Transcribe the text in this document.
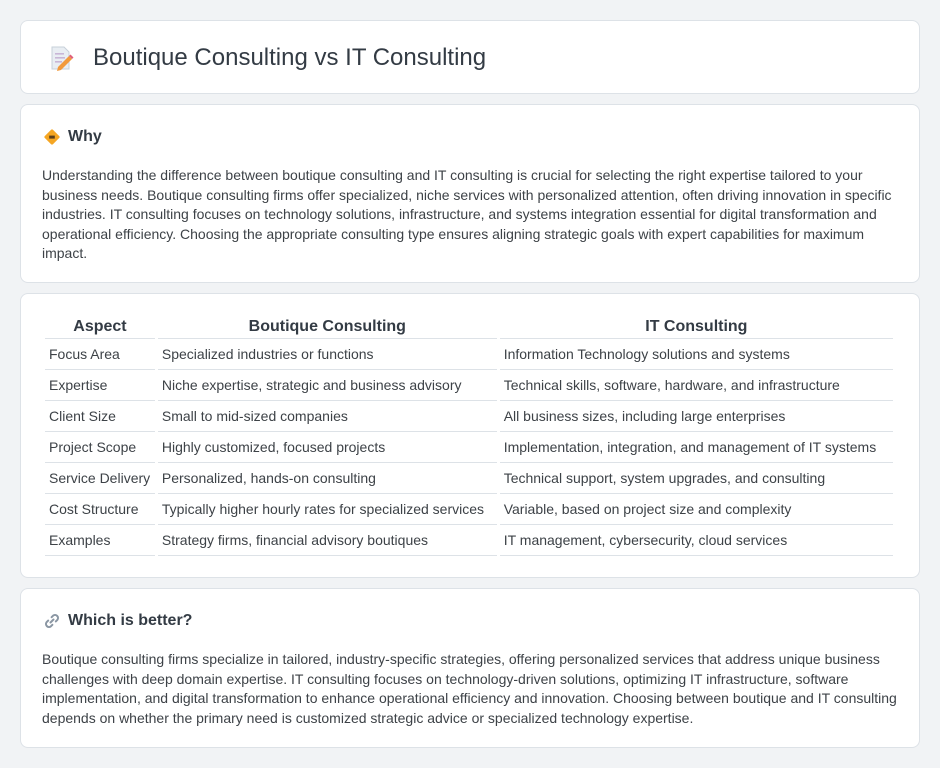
Boutique Consulting vs IT Consulting
Why

Understanding the difference between boutique consulting and IT consulting is crucial for selecting the right expertise tailored to your business needs. Boutique consulting firms offer specialized, niche services with personalized attention, often driving innovation in specific industries. IT consulting focuses on technology solutions, infrastructure, and systems integration essential for digital transformation and operational efficiency. Choosing the appropriate consulting type ensures aligning strategic goals with expert capabilities for maximum impact.

Aspect	Boutique Consulting	IT Consulting
Focus Area	Specialized industries or functions	Information Technology solutions and systems
Expertise	Niche expertise, strategic and business advisory	Technical skills, software, hardware, and infrastructure
Client Size	Small to mid-sized companies	All business sizes, including large enterprises
Project Scope	Highly customized, focused projects	Implementation, integration, and management of IT systems
Service Delivery	Personalized, hands-on consulting	Technical support, system upgrades, and consulting
Cost Structure	Typically higher hourly rates for specialized services	Variable, based on project size and complexity
Examples	Strategy firms, financial advisory boutiques	IT management, cybersecurity, cloud services
Which is better?

Boutique consulting firms specialize in tailored, industry-specific strategies, offering personalized services that address unique business challenges with deep domain expertise. IT consulting focuses on technology-driven solutions, optimizing IT infrastructure, software implementation, and digital transformation to enhance operational efficiency and innovation. Choosing between boutique and IT consulting depends on whether the primary need is customized strategic advice or specialized technology expertise.
